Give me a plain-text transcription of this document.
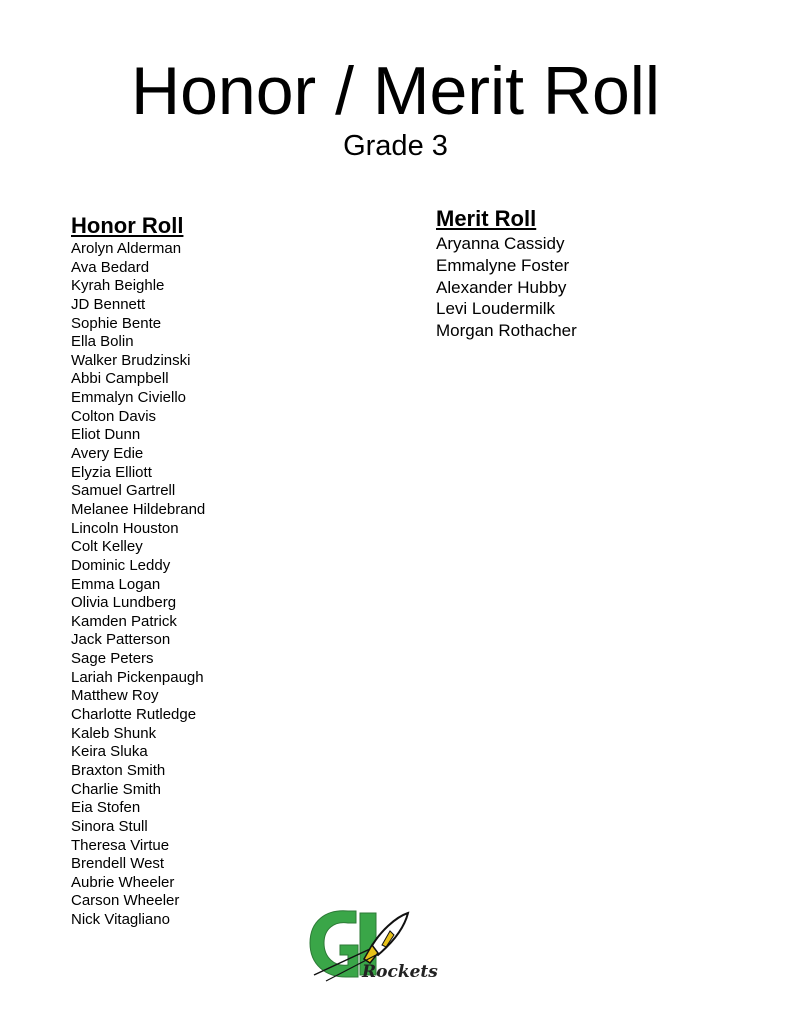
Honor / Merit Roll
Grade 3
Honor Roll
Arolyn Alderman
Ava Bedard
Kyrah Beighle
JD Bennett
Sophie Bente
Ella Bolin
Walker Brudzinski
Abbi Campbell
Emmalyn Civiello
Colton Davis
Eliot Dunn
Avery Edie
Elyzia Elliott
Samuel Gartrell
Melanee Hildebrand
Lincoln Houston
Colt Kelley
Dominic Leddy
Emma Logan
Olivia Lundberg
Kamden Patrick
Jack Patterson
Sage Peters
Lariah Pickenpaugh
Matthew Roy
Charlotte Rutledge
Kaleb Shunk
Keira Sluka
Braxton Smith
Charlie Smith
Eia Stofen
Sinora Stull
Theresa Virtue
Brendell West
Aubrie Wheeler
Carson Wheeler
Nick Vitagliano
Merit Roll
Aryanna Cassidy
Emmalyne Foster
Alexander Hubby
Levi Loudermilk
Morgan Rothacher
Rockets
